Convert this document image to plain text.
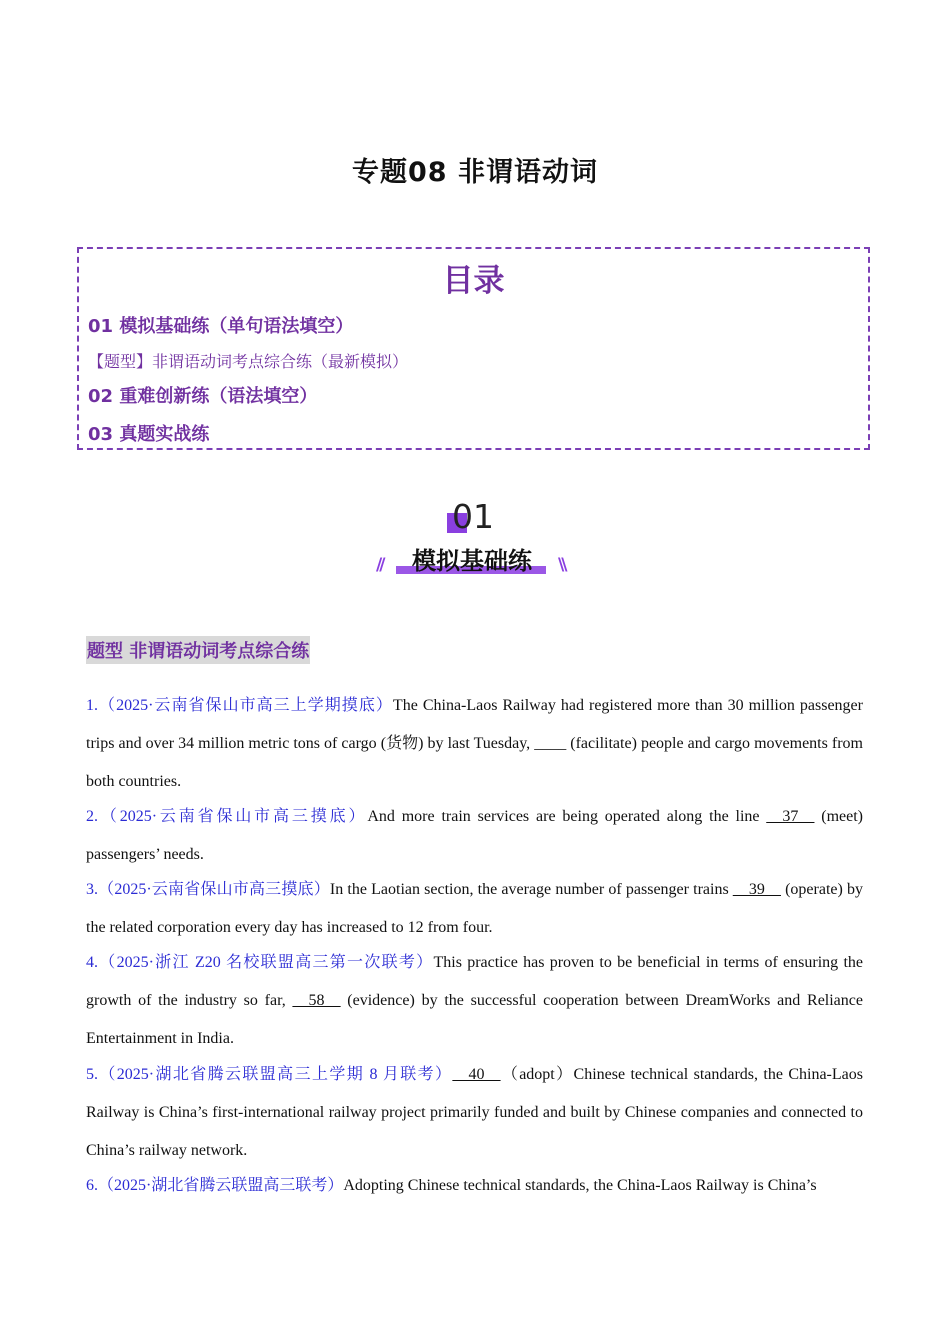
专题08 非谓语动词
目录
01 模拟基础练（单句语法填空）
【题型】非谓语动词考点综合练（最新模拟）
02 重难创新练（语法填空）
03 真题实战练
01
//	\\
模拟基础练
题型 非谓语动词考点综合练
1.（2025·云南省保山市高三上学期摸底）The China-Laos Railway had registered more than 30 million passenger trips and over 34 million metric tons of cargo (货物) by last Tuesday, ____ (facilitate) people and cargo movements from both countries.
2.（2025·云南省保山市高三摸底）And more train services are being operated along the line __37__ (meet) passengers’ needs.
3.（2025·云南省保山市高三摸底）In the Laotian section, the average number of passenger trains __39__ (operate) by the related corporation every day has increased to 12 from four.
4.（2025·浙江 Z20 名校联盟高三第一次联考）This practice has proven to be beneficial in terms of ensuring the growth of the industry so far, __58__ (evidence) by the successful cooperation between DreamWorks and Reliance Entertainment in India.
5.（2025·湖北省腾云联盟高三上学期 8 月联考）__40__（adopt）Chinese technical standards, the China-Laos Railway is China’s first-international railway project primarily funded and built by Chinese companies and connected to China’s railway network.
6.（2025·湖北省腾云联盟高三联考）Adopting Chinese technical standards, the China-Laos Railway is China’s
